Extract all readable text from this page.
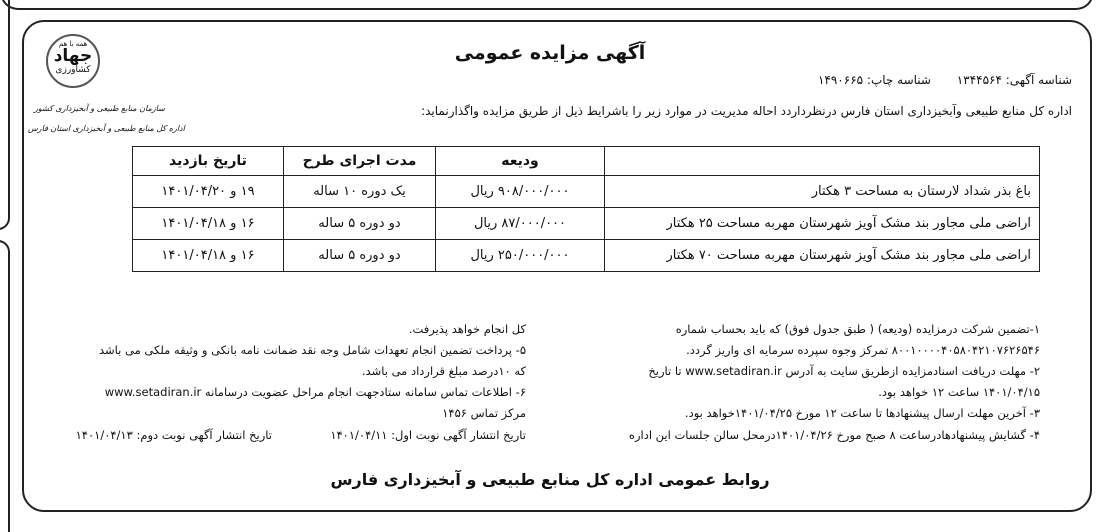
همه با هم
جهاد
کشاورزی
سازمان منابع طبیعی و آبخیزداری کشور
اداره کل منابع طبیعی و آبخیزداری استان فارس
آگهی مزایده عمومی
شناسه آگهی: ۱۳۴۴۵۶۴ شناسه چاپ: ۱۴۹۰۶۶۵
اداره کل منابع طبیعی وآبخیزداری استان فارس درنظرداردد احاله مدیریت در موارد زیر را باشرایط ذیل از طریق مزایده واگذارنماید:
	ودیعه	مدت اجرای طرح	تاریخ بازدید
باغ بذر شداد لارستان به مساحت ۳ هکتار	۹۰۸/۰۰۰/۰۰۰ ریال	یک دوره ۱۰ ساله	۱۹ و ۱۴۰۱/۰۴/۲۰
اراضی ملی مجاور بند مشک آویز شهرستان مهربه مساحت ۲۵ هکتار	۸۷/۰۰۰/۰۰۰ ریال	دو دوره ۵ ساله	۱۶ و ۱۴۰۱/۰۴/۱۸
اراضی ملی مجاور بند مشک آویز شهرستان مهربه مساحت ۷۰ هکتار	۲۵۰/۰۰۰/۰۰۰ ریال	دو دوره ۵ ساله	۱۶ و ۱۴۰۱/۰۴/۱۸
۱-تضمین شرکت درمزایده (ودیعه) ( طبق جدول فوق) که باید بحساب شماره
۸۰۰۱۰۰۰۰۴۰۵۸۰۴۲۱۰۷۶۲۶۵۴۶ تمرکز وجوه سپرده سرمایه ای واریز گردد.
۲- مهلت دریافت اسنادمزایده ازطریق سایت به آدرس www.setadiran.ir تا تاریخ
۱۴۰۱/۰۴/۱۵ ساعت ۱۲ خواهد بود.
۳- آخرین مهلت ارسال پیشنهادها تا ساعت ۱۲ مورخ ۱۴۰۱/۰۴/۲۵خواهد بود.
۴- گشایش پیشنهادهادرساعت ۸ صبح مورخ ۱۴۰۱/۰۴/۲۶درمحل سالن جلسات این اداره
کل انجام خواهد پذیرفت.
۵- پرداخت تضمین انجام تعهدات شامل وجه نقد ضمانت نامه بانکی و وثیقه ملکی می باشد
که ۱۰درصد مبلغ قرارداد می باشد.
۶- اطلاعات تماس سامانه ستادجهت انجام مراحل عضویت درسامانه www.setadiran.ir
مرکز تماس ۱۴۵۶
تاریخ انتشار آگهی نوبت اول: ۱۴۰۱/۰۴/۱۱
تاریخ انتشار آگهی نوبت دوم: ۱۴۰۱/۰۴/۱۳
روابط عمومی اداره کل منابع طبیعی و آبخیزداری فارس
